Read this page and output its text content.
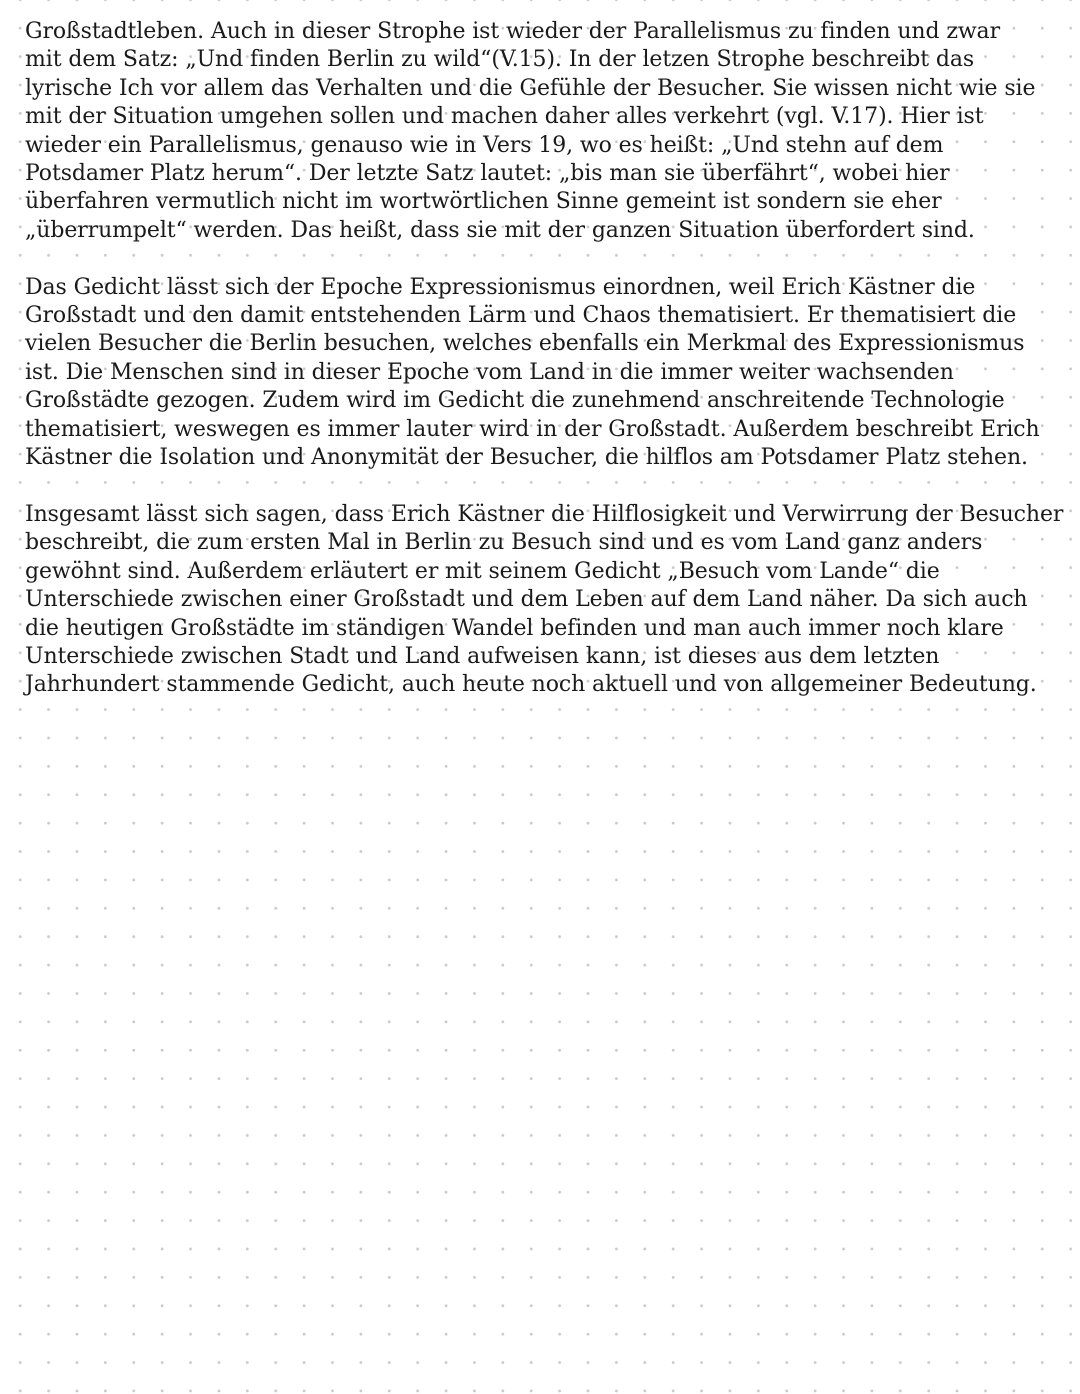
Großstadtleben. Auch in dieser Strophe ist wieder der Parallelismus zu finden und zwar
mit dem Satz: „Und finden Berlin zu wild“(V.15). In der letzen Strophe beschreibt das
lyrische Ich vor allem das Verhalten und die Gefühle der Besucher. Sie wissen nicht wie sie
mit der Situation umgehen sollen und machen daher alles verkehrt (vgl. V.17). Hier ist
wieder ein Parallelismus, genauso wie in Vers 19, wo es heißt: „Und stehn auf dem
Potsdamer Platz herum“. Der letzte Satz lautet: „bis man sie überfährt“, wobei hier
überfahren vermutlich nicht im wortwörtlichen Sinne gemeint ist sondern sie eher
„überrumpelt“ werden. Das heißt, dass sie mit der ganzen Situation überfordert sind.
Das Gedicht lässt sich der Epoche Expressionismus einordnen, weil Erich Kästner die
Großstadt und den damit entstehenden Lärm und Chaos thematisiert. Er thematisiert die
vielen Besucher die Berlin besuchen, welches ebenfalls ein Merkmal des Expressionismus
ist. Die Menschen sind in dieser Epoche vom Land in die immer weiter wachsenden
Großstädte gezogen. Zudem wird im Gedicht die zunehmend anschreitende Technologie
thematisiert, weswegen es immer lauter wird in der Großstadt. Außerdem beschreibt Erich
Kästner die Isolation und Anonymität der Besucher, die hilflos am Potsdamer Platz stehen.
Insgesamt lässt sich sagen, dass Erich Kästner die Hilflosigkeit und Verwirrung der Besucher
beschreibt, die zum ersten Mal in Berlin zu Besuch sind und es vom Land ganz anders
gewöhnt sind. Außerdem erläutert er mit seinem Gedicht „Besuch vom Lande“ die
Unterschiede zwischen einer Großstadt und dem Leben auf dem Land näher. Da sich auch
die heutigen Großstädte im ständigen Wandel befinden und man auch immer noch klare
Unterschiede zwischen Stadt und Land aufweisen kann, ist dieses aus dem letzten
Jahrhundert stammende Gedicht, auch heute noch aktuell und von allgemeiner Bedeutung.
